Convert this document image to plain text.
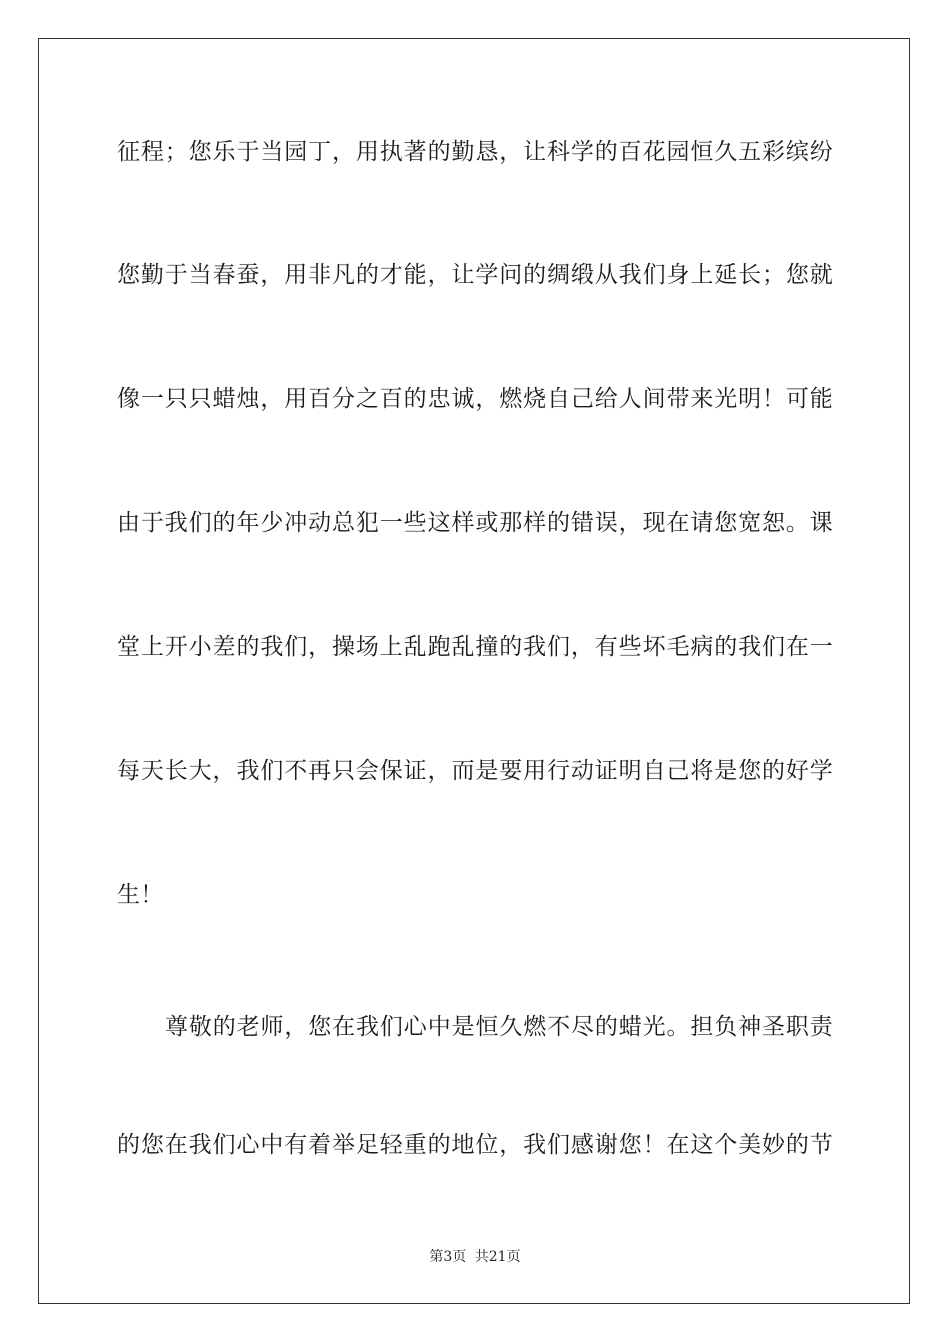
征程；您乐于当园丁，用执著的勤恳，让科学的百花园恒久五彩缤纷
您勤于当春蚕，用非凡的才能，让学问的绸缎从我们身上延长；您就
像一只只蜡烛，用百分之百的忠诚，燃烧自己给人间带来光明！可能
由于我们的年少冲动总犯一些这样或那样的错误，现在请您宽恕。课
堂上开小差的我们，操场上乱跑乱撞的我们，有些坏毛病的我们在一
每天长大，我们不再只会保证，而是要用行动证明自己将是您的好学
生！
尊敬的老师，您在我们心中是恒久燃不尽的蜡光。担负神圣职责
的您在我们心中有着举足轻重的地位，我们感谢您！在这个美妙的节
第3页 共21页
